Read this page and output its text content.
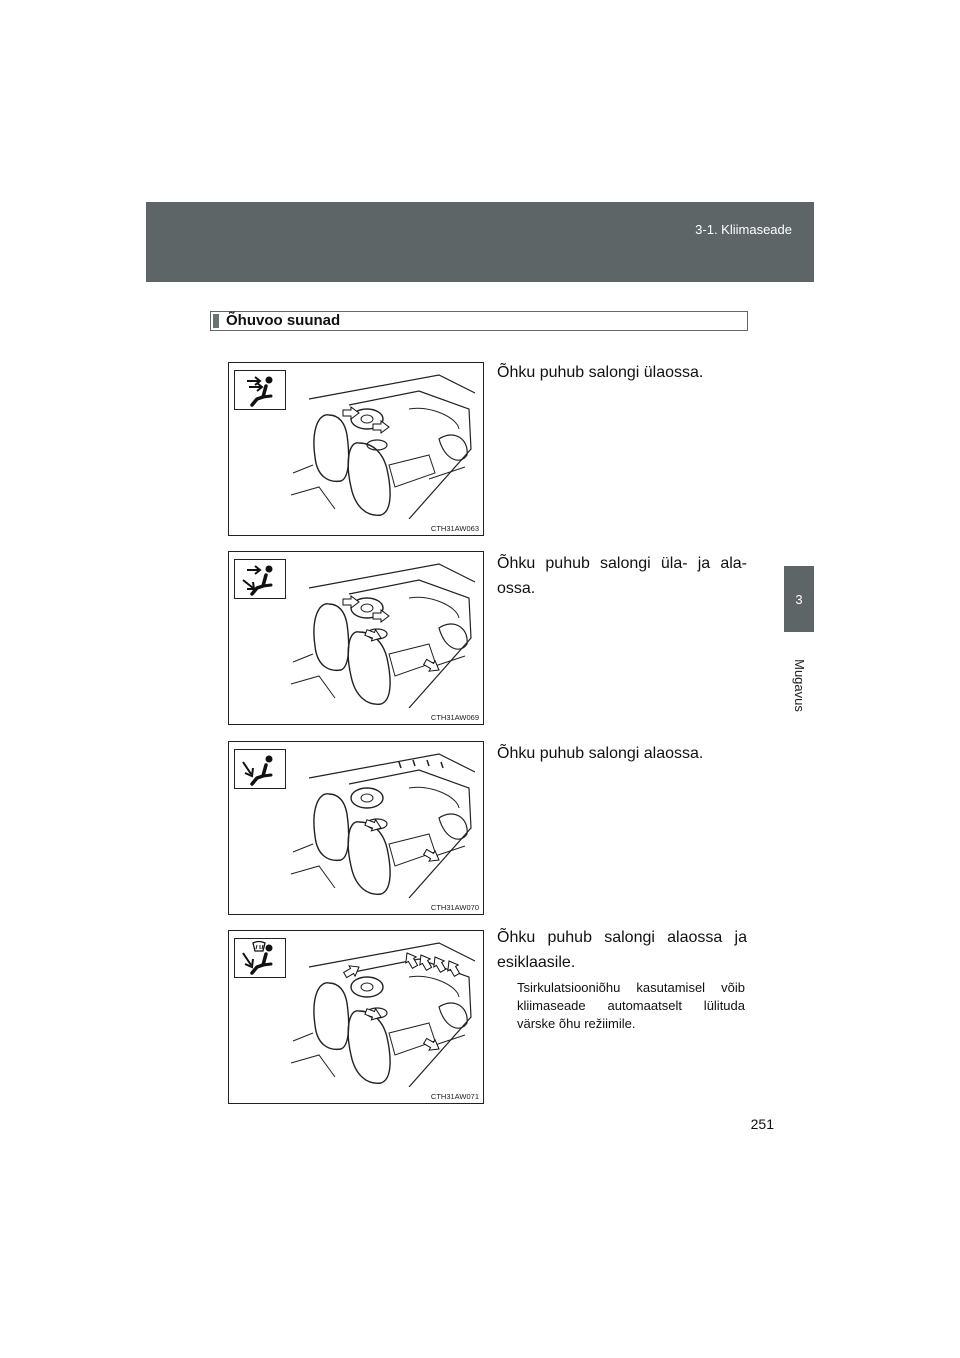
3-1. Kliimaseade
3
Mugavus
Õhuvoo suunad
CTH31AW063
Õhku puhub salongi ülaossa.
CTH31AW069
Õhku puhub salongi üla- ja ala-ossa.
CTH31AW070
Õhku puhub salongi alaossa.
CTH31AW071
Õhku puhub salongi alaossa ja esiklaasile.
Tsirkulatsiooniõhu kasutamisel võib kliimaseade automaatselt lülituda värske õhu režiimile.
251
